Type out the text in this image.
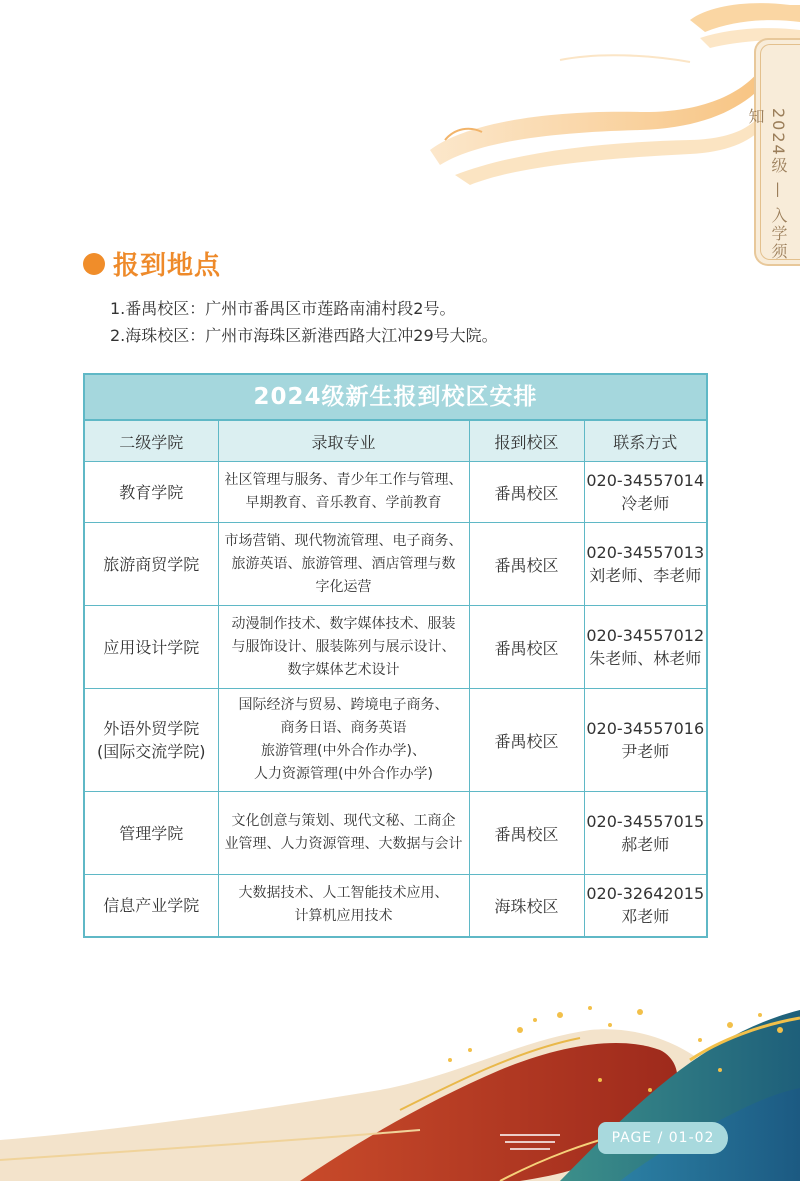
2024级 — 入学须知
报到地点
1.番禺校区：广州市番禺区市莲路南浦村段2号。
2.海珠校区：广州市海珠区新港西路大江冲29号大院。
2024级新生报到校区安排
二级学院	录取专业	报到校区	联系方式
教育学院	社区管理与服务、青少年工作与管理、
早期教育、音乐教育、学前教育	番禺校区	020-34557014
冷老师
旅游商贸学院	市场营销、现代物流管理、电子商务、
旅游英语、旅游管理、酒店管理与数
字化运营	番禺校区	020-34557013
刘老师、李老师
应用设计学院	动漫制作技术、数字媒体技术、服装
与服饰设计、服装陈列与展示设计、
数字媒体艺术设计	番禺校区	020-34557012
朱老师、林老师
外语外贸学院
(国际交流学院)	国际经济与贸易、跨境电子商务、
商务日语、商务英语
旅游管理(中外合作办学)、
人力资源管理(中外合作办学)	番禺校区	020-34557016
尹老师
管理学院	文化创意与策划、现代文秘、工商企
业管理、人力资源管理、大数据与会计	番禺校区	020-34557015
郝老师
信息产业学院	大数据技术、人工智能技术应用、
计算机应用技术	海珠校区	020-32642015
邓老师
PAGE / 01-02
